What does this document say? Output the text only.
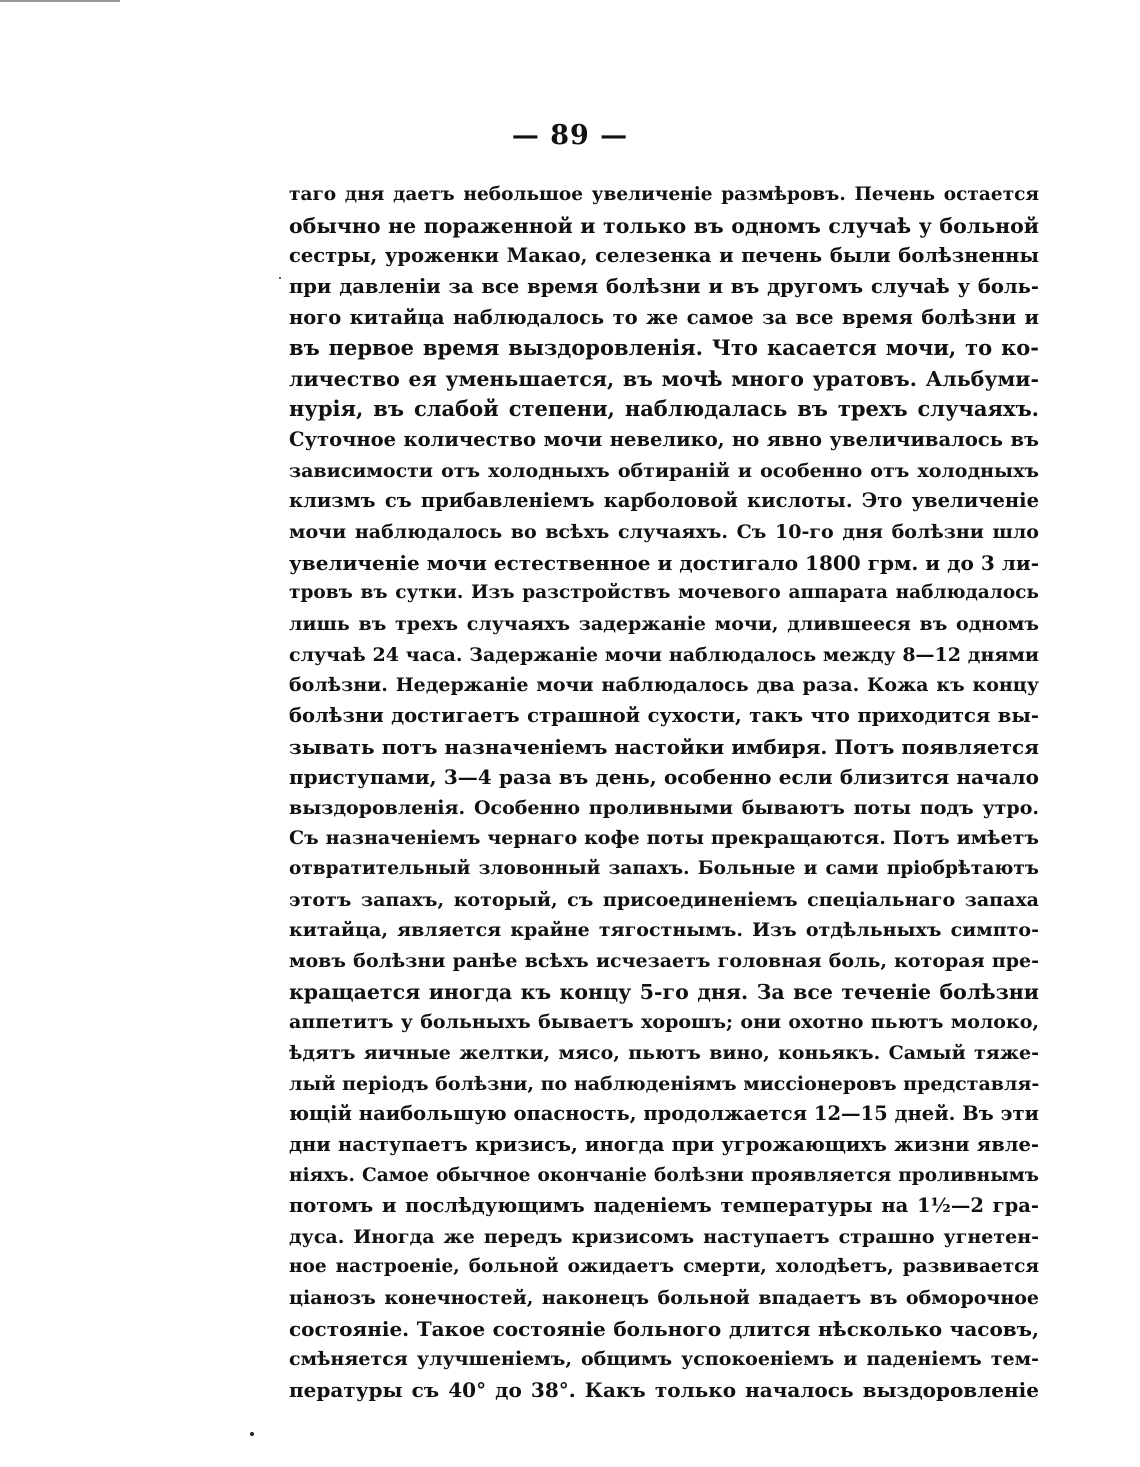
— 89 —
таго дня даетъ небольшое увеличенiе размѣровъ. Печень остается
обычно не пораженной и только въ одномъ случаѣ у больной
сестры, уроженки Макао, селезенка и печень были болѣзненны
при давленiи за все время болѣзни и въ другомъ случаѣ у боль-
ного китайца наблюдалось то же самое за все время болѣзни и
въ первое время выздоровленiя. Что касается мочи, то ко-
личество ея уменьшается, въ мочѣ много уратовъ. Альбуми-
нурiя, въ слабой степени, наблюдалась въ трехъ случаяхъ.
Суточное количество мочи невелико, но явно увеличивалось въ
зависимости отъ холодныхъ обтиранiй и особенно отъ холодныхъ
клизмъ съ прибавленiемъ карболовой кислоты. Это увеличенiе
мочи наблюдалось во всѣхъ случаяхъ. Съ 10-го дня болѣзни шло
увеличенiе мочи естественное и достигало 1800 грм. и до 3 ли-
тровъ въ сутки. Изъ разстройствъ мочевого аппарата наблюдалось
лишь въ трехъ случаяхъ задержанiе мочи, длившееся въ одномъ
случаѣ 24 часа. Задержанiе мочи наблюдалось между 8—12 днями
болѣзни. Недержанiе мочи наблюдалось два раза. Кожа къ концу
болѣзни достигаетъ страшной сухости, такъ что приходится вы-
зывать потъ назначенiемъ настойки имбиря. Потъ появляется
приступами, 3—4 раза въ день, особенно если близится начало
выздоровленiя. Особенно проливными бываютъ поты подъ утро.
Съ назначенiемъ чернаго кофе поты прекращаются. Потъ имѣетъ
отвратительный зловонный запахъ. Больные и сами прiобрѣтаютъ
этотъ запахъ, который, съ присоединенiемъ спецiальнаго запаха
китайца, является крайне тягостнымъ. Изъ отдѣльныхъ симпто-
мовъ болѣзни ранѣе всѣхъ исчезаетъ головная боль, которая пре-
кращается иногда къ концу 5-го дня. За все теченiе болѣзни
аппетитъ у больныхъ бываетъ хорошъ; они охотно пьютъ молоко,
ѣдятъ яичные желтки, мясо, пьютъ вино, коньякъ. Самый тяже-
лый перiодъ болѣзни, по наблюденiямъ миссiонеровъ представля-
ющiй наибольшую опасность, продолжается 12—15 дней. Въ эти
дни наступаетъ кризисъ, иногда при угрожающихъ жизни явле-
нiяхъ. Самое обычное окончанiе болѣзни проявляется проливнымъ
потомъ и послѣдующимъ паденiемъ температуры на 1½—2 гра-
дуса. Иногда же передъ кризисомъ наступаетъ страшно угнетен-
ное настроенiе, больной ожидаетъ смерти, холодѣетъ, развивается
цiанозъ конечностей, наконецъ больной впадаетъ въ обморочное
состоянiе. Такое состоянiе больного длится нѣсколько часовъ,
смѣняется улучшенiемъ, общимъ успокоенiемъ и паденiемъ тем-
пературы съ 40° до 38°. Какъ только началось выздоровленiе
